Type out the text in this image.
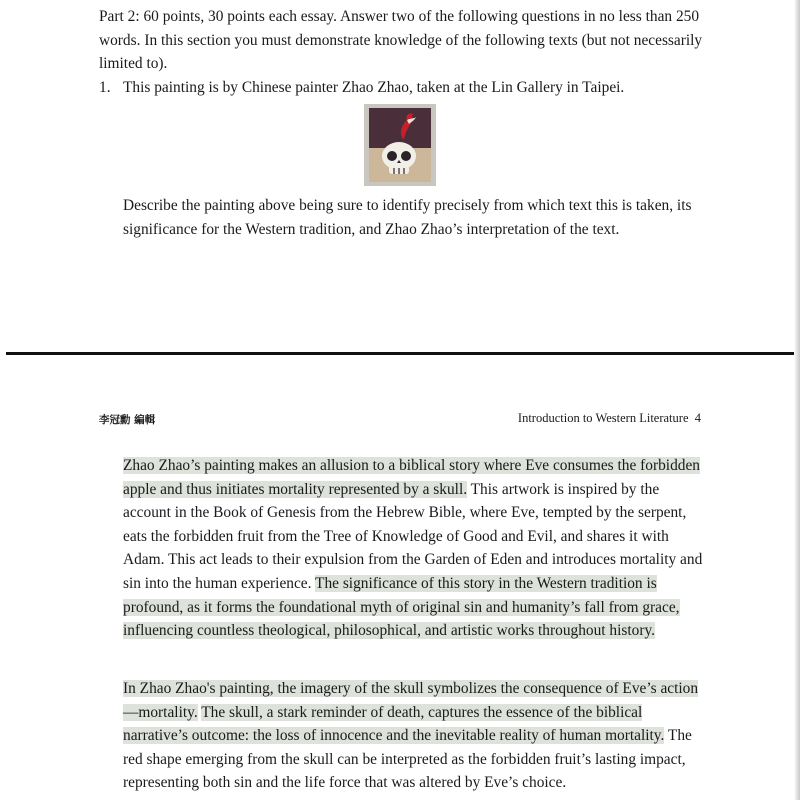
Part 2: 60 points, 30 points each essay. Answer two of the following questions in no less than 250 words. In this section you must demonstrate knowledge of the following texts (but not necessarily limited to).

1. This painting is by Chinese painter Zhao Zhao, taken at the Lin Gallery in Taipei.

Describe the painting above being sure to identify precisely from which text this is taken, its significance for the Western tradition, and Zhao Zhao’s interpretation of the text.

李冠勳 編輯	Introduction to Western Literature 4

Zhao Zhao’s painting makes an allusion to a biblical story where Eve consumes the forbidden apple and thus initiates mortality represented by a skull. This artwork is inspired by the account in the Book of Genesis from the Hebrew Bible, where Eve, tempted by the serpent, eats the forbidden fruit from the Tree of Knowledge of Good and Evil, and shares it with Adam. This act leads to their expulsion from the Garden of Eden and introduces mortality and sin into the human experience. The significance of this story in the Western tradition is profound, as it forms the foundational myth of original sin and humanity’s fall from grace, influencing countless theological, philosophical, and artistic works throughout history.

In Zhao Zhao's painting, the imagery of the skull symbolizes the consequence of Eve’s action—mortality. The skull, a stark reminder of death, captures the essence of the biblical narrative’s outcome: the loss of innocence and the inevitable reality of human mortality. The red shape emerging from the skull can be interpreted as the forbidden fruit’s lasting impact, representing both sin and the life force that was altered by Eve’s choice.
